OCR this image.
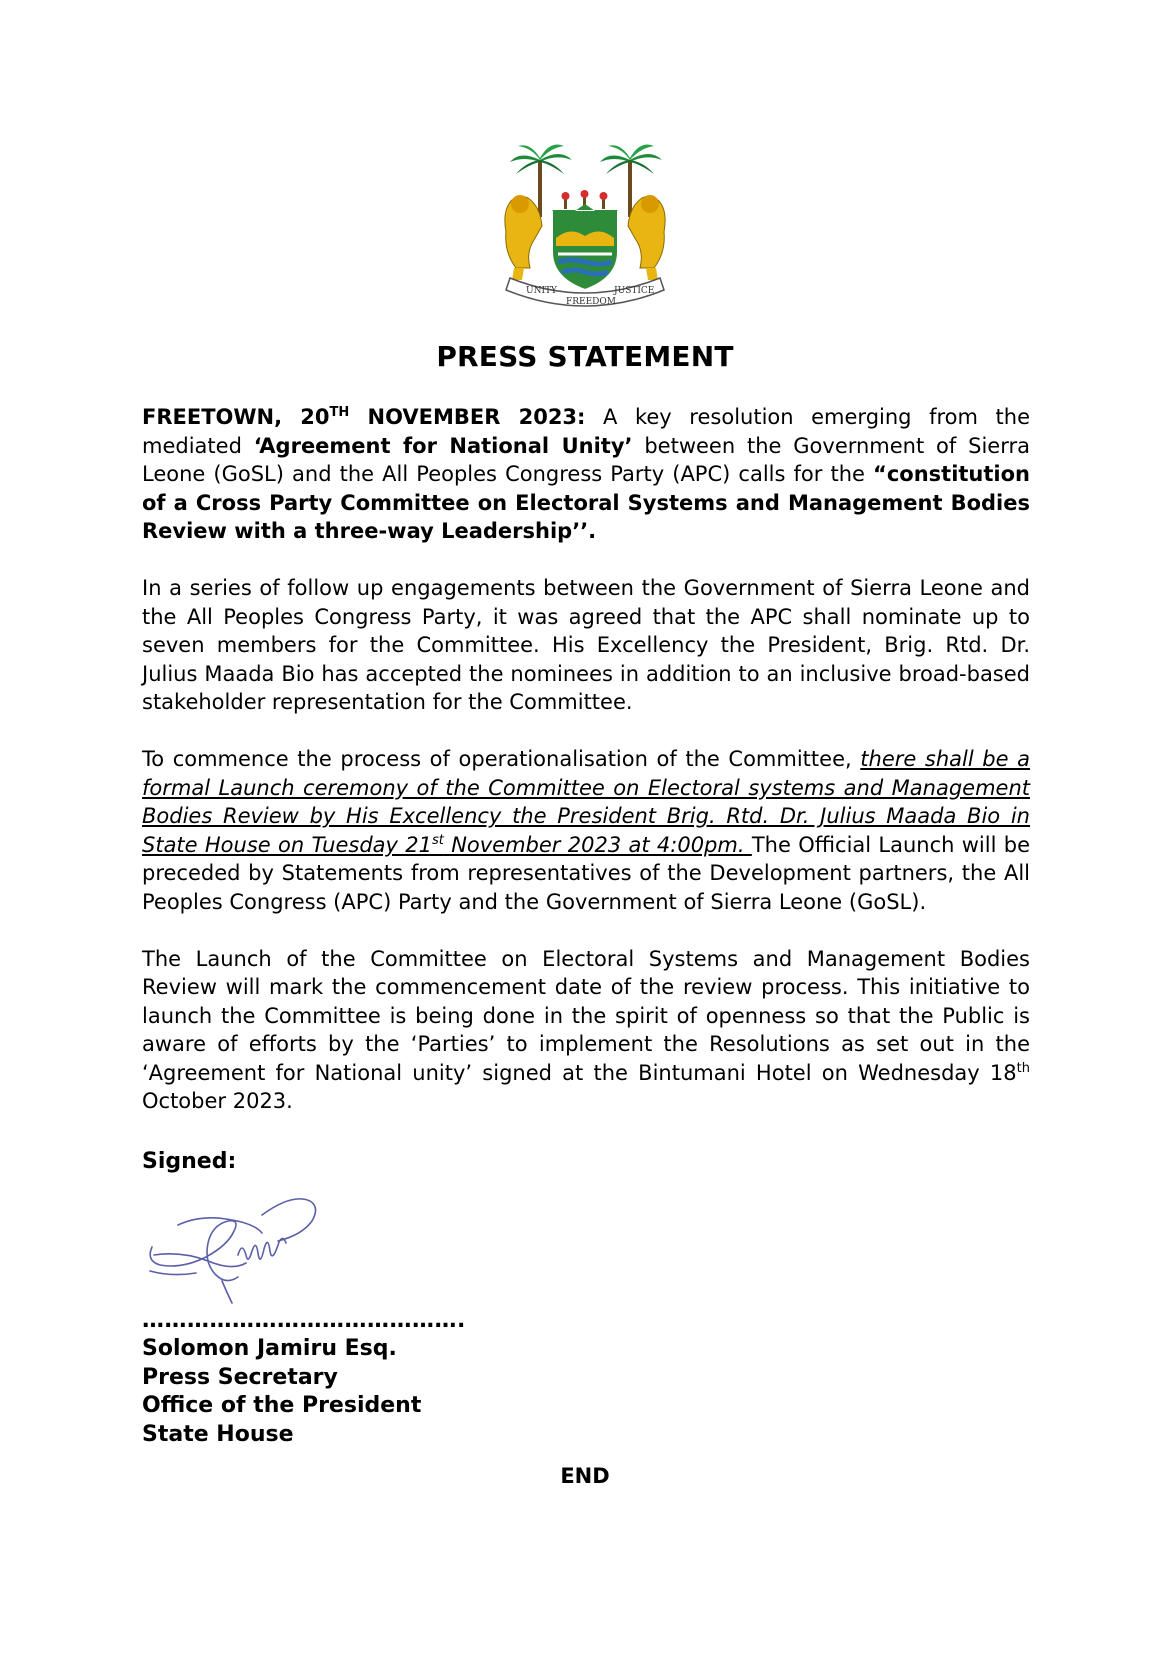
UNITY
FREEDOM
JUSTICE
PRESS STATEMENT

FREETOWN, 20TH NOVEMBER 2023: A key resolution emerging from the mediated ‘Agreement for National Unity’ between the Government of Sierra Leone (GoSL) and the All Peoples Congress Party (APC) calls for the “constitution of a Cross Party Committee on Electoral Systems and Management Bodies Review with a three-way Leadership’’.

In a series of follow up engagements between the Government of Sierra Leone and the All Peoples Congress Party, it was agreed that the APC shall nominate up to seven members for the Committee. His Excellency the President, Brig. Rtd. Dr. Julius Maada Bio has accepted the nominees in addition to an inclusive broad-based stakeholder representation for the Committee.

To commence the process of operationalisation of the Committee, there shall be a formal Launch ceremony of the Committee on Electoral systems and Management Bodies Review by His Excellency the President Brig. Rtd. Dr. Julius Maada Bio in State House on Tuesday 21st November 2023 at 4:00pm. The Official Launch will be preceded by Statements from representatives of the Development partners, the All Peoples Congress (APC) Party and the Government of Sierra Leone (GoSL).

The Launch of the Committee on Electoral Systems and Management Bodies Review will mark the commencement date of the review process. This initiative to launch the Committee is being done in the spirit of openness so that the Public is aware of efforts by the ‘Parties’ to implement the Resolutions as set out in the ‘Agreement for National unity’ signed at the Bintumani Hotel on Wednesday 18th October 2023.

Signed:

…………………………………….

Solomon Jamiru Esq.

Press Secretary

Office of the President

State House

END
